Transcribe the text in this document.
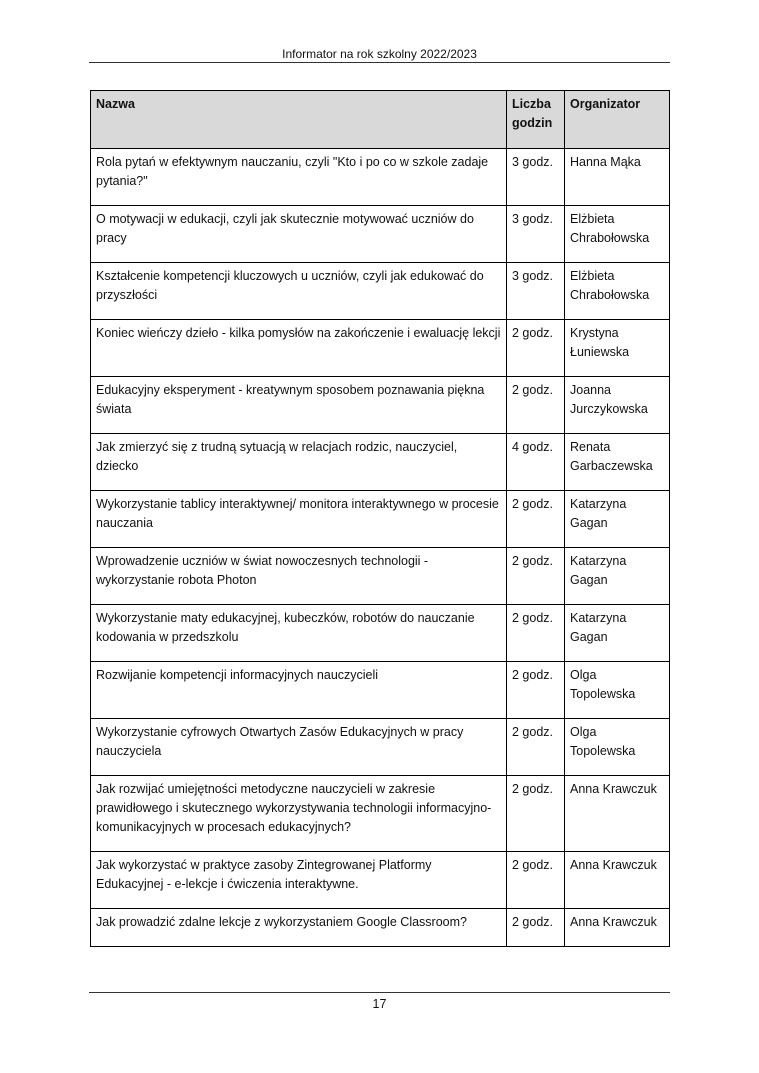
Informator na rok szkolny 2022/2023
Nazwa	Liczba godzin	Organizator
Rola pytań w efektywnym nauczaniu, czyli "Kto i po co w szkole zadaje pytania?"	3 godz.	Hanna Mąka
O motywacji w edukacji, czyli jak skutecznie motywować uczniów do pracy	3 godz.	Elżbieta Chrabołowska
Kształcenie kompetencji kluczowych u uczniów, czyli jak edukować do przyszłości	3 godz.	Elżbieta Chrabołowska
Koniec wieńczy dzieło - kilka pomysłów na zakończenie i ewaluację lekcji	2 godz.	Krystyna Łuniewska
Edukacyjny eksperyment - kreatywnym sposobem poznawania piękna świata	2 godz.	Joanna Jurczykowska
Jak zmierzyć się z trudną sytuacją w relacjach rodzic, nauczyciel, dziecko	4 godz.	Renata Garbaczewska
Wykorzystanie tablicy interaktywnej/ monitora interaktywnego w procesie nauczania	2 godz.	Katarzyna Gagan
Wprowadzenie uczniów w świat nowoczesnych technologii - wykorzystanie robota Photon	2 godz.	Katarzyna Gagan
Wykorzystanie maty edukacyjnej, kubeczków, robotów do nauczanie kodowania w przedszkolu	2 godz.	Katarzyna Gagan
Rozwijanie kompetencji informacyjnych nauczycieli	2 godz.	Olga Topolewska
Wykorzystanie cyfrowych Otwartych Zasów Edukacyjnych w pracy nauczyciela	2 godz.	Olga Topolewska
Jak rozwijać umiejętności metodyczne nauczycieli w zakresie prawidłowego i skutecznego wykorzystywania technologii informacyjno-komunikacyjnych w procesach edukacyjnych?	2 godz.	Anna Krawczuk
Jak wykorzystać w praktyce zasoby Zintegrowanej Platformy Edukacyjnej - e-lekcje i ćwiczenia interaktywne.	2 godz.	Anna Krawczuk
Jak prowadzić zdalne lekcje z wykorzystaniem Google Classroom?	2 godz.	Anna Krawczuk
17
